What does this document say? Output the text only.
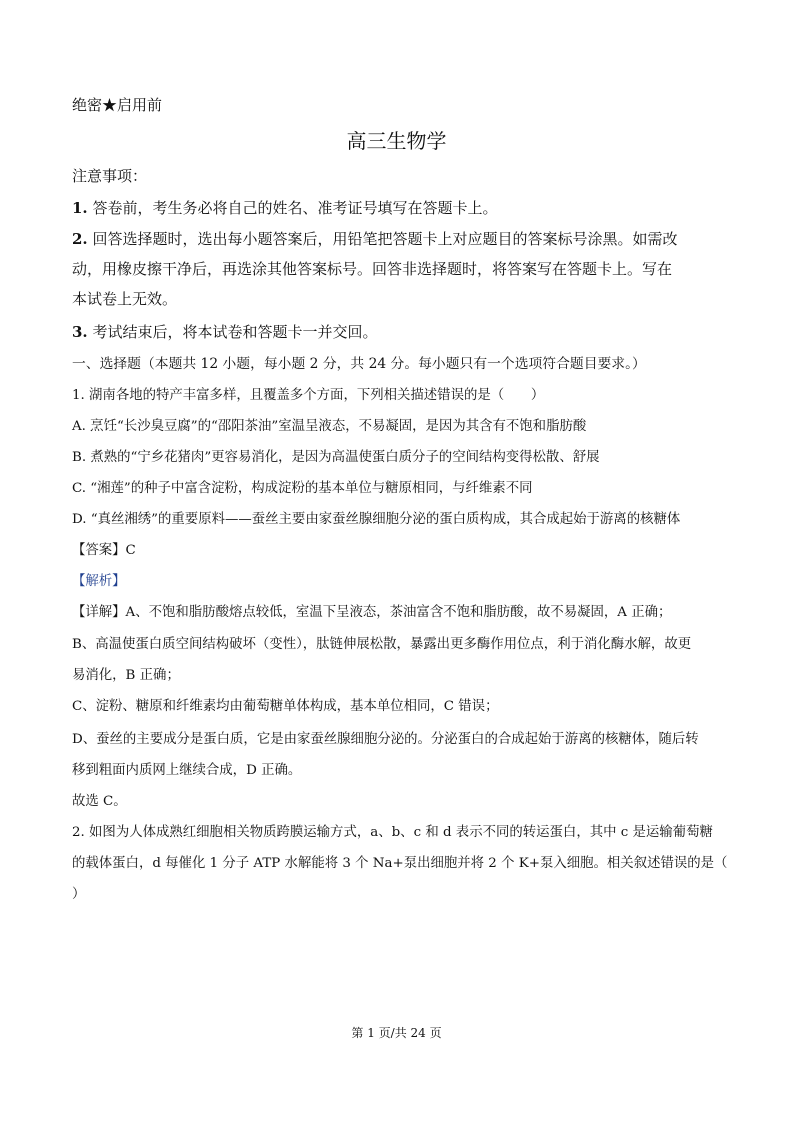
绝密★启用前
高三生物学
注意事项：
1. 答卷前，考生务必将自己的姓名、准考证号填写在答题卡上。
2. 回答选择题时，选出每小题答案后，用铅笔把答题卡上对应题目的答案标号涂黑。如需改
动，用橡皮擦干净后，再选涂其他答案标号。回答非选择题时，将答案写在答题卡上。写在
本试卷上无效。
3. 考试结束后，将本试卷和答题卡一并交回。
一、选择题（本题共 12 小题，每小题 2 分，共 24 分。每小题只有一个选项符合题目要求。）
1. 湖南各地的特产丰富多样，且覆盖多个方面，下列相关描述错误的是（　　）
A. 烹饪“长沙臭豆腐”的“邵阳茶油”室温呈液态，不易凝固，是因为其含有不饱和脂肪酸
B. 煮熟的“宁乡花猪肉”更容易消化，是因为高温使蛋白质分子的空间结构变得松散、舒展
C. “湘莲”的种子中富含淀粉，构成淀粉的基本单位与糖原相同，与纤维素不同
D. “真丝湘绣”的重要原料——蚕丝主要由家蚕丝腺细胞分泌的蛋白质构成，其合成起始于游离的核糖体
【答案】C
【解析】
【详解】A、不饱和脂肪酸熔点较低，室温下呈液态，茶油富含不饱和脂肪酸，故不易凝固，A 正确；
B、高温使蛋白质空间结构破坏（变性），肽链伸展松散，暴露出更多酶作用位点，利于消化酶水解，故更
易消化，B 正确；
C、淀粉、糖原和纤维素均由葡萄糖单体构成，基本单位相同，C 错误；
D、蚕丝的主要成分是蛋白质，它是由家蚕丝腺细胞分泌的。分泌蛋白的合成起始于游离的核糖体，随后转
移到粗面内质网上继续合成，D 正确。
故选 C。
2. 如图为人体成熟红细胞相关物质跨膜运输方式，a、b、c 和 d 表示不同的转运蛋白，其中 c 是运输葡萄糖
的载体蛋白，d 每催化 1 分子 ATP 水解能将 3 个 Na+泵出细胞并将 2 个 K+泵入细胞。相关叙述错误的是（
）
第 1 页/共 24 页
